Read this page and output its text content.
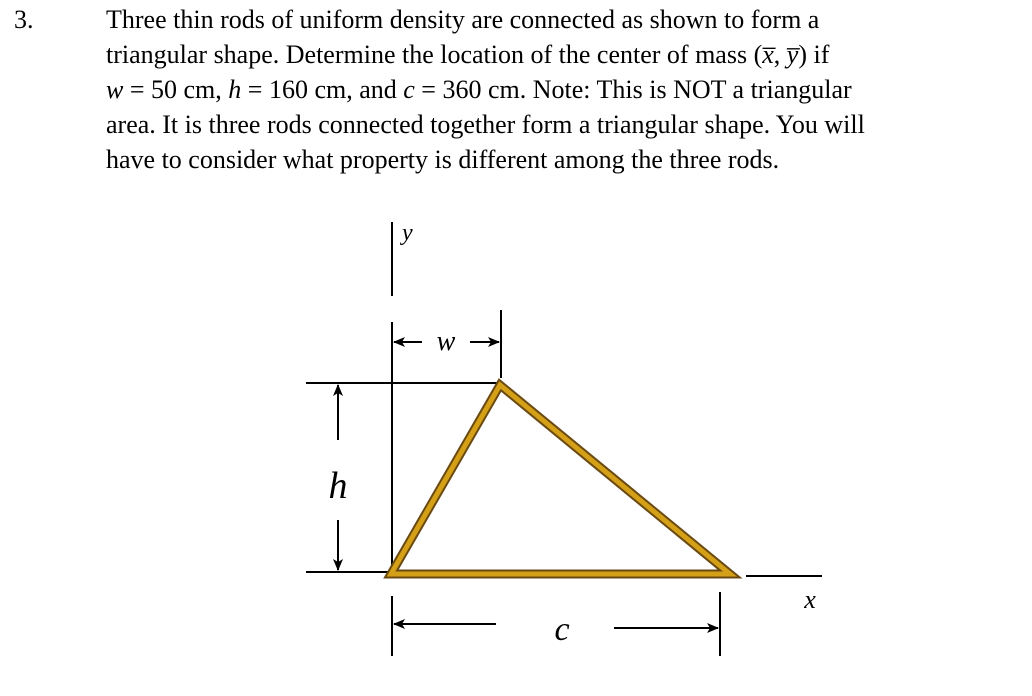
3.	Three thin rods of uniform density are connected as shown to form a
triangular shape. Determine the location of the center of mass (x̅, y̅) if
w = 50 cm, h = 160 cm, and c = 360 cm. Note: This is NOT a triangular
area. It is three rods connected together form a triangular shape. You will
have to consider what property is different among the three rods.
y
w
h
x
c
